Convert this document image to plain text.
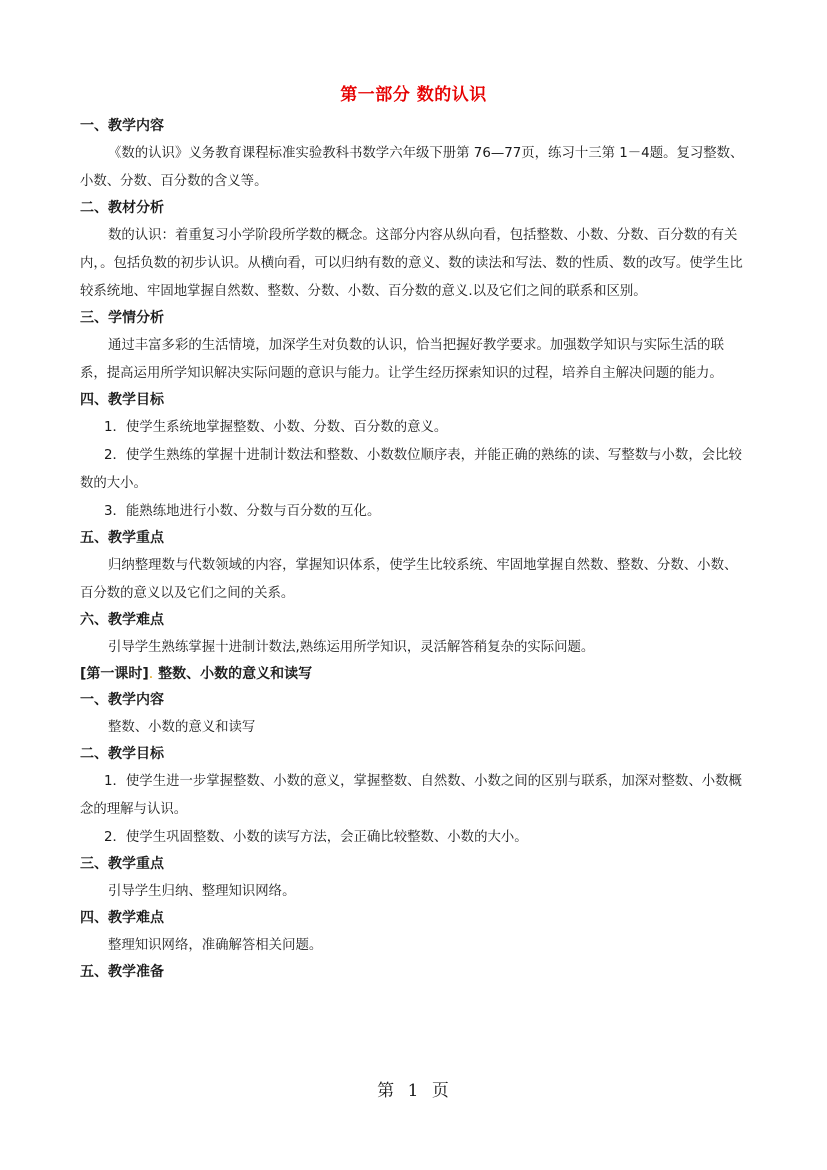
第一部分 数的认识
一、教学内容

《数的认识》义务教育课程标准实验教科书数学六年级下册第 76—77页，练习十三第 1－4题。复习整数、小数、分数、百分数的含义等。

二、教材分析

数的认识：着重复习小学阶段所学数的概念。这部分内容从纵向看，包括整数、小数、分数、百分数的有关内，。包括负数的初步认识。从横向看，可以归纳有数的意义、数的读法和写法、数的性质、数的改写。使学生比较系统地、牢固地掌握自然数、整数、分数、小数、百分数的意义.以及它们之间的联系和区别。

三、学情分析

通过丰富多彩的生活情境，加深学生对负数的认识，恰当把握好教学要求。加强数学知识与实际生活的联系，提高运用所学知识解决实际问题的意识与能力。让学生经历探索知识的过程，培养自主解决问题的能力。

四、教学目标

1．使学生系统地掌握整数、小数、分数、百分数的意义。

2．使学生熟练的掌握十进制计数法和整数、小数数位顺序表，并能正确的熟练的读、写整数与小数，会比较数的大小。

3．能熟练地进行小数、分数与百分数的互化。

五、教学重点

归纳整理数与代数领域的内容，掌握知识体系，使学生比较系统、牢固地掌握自然数、整数、分数、小数、百分数的意义以及它们之间的关系。

六、教学难点

引导学生熟练掌握十进制计数法,熟练运用所学知识，灵活解答稍复杂的实际问题。

[第一课时]. 整数、小数的意义和读写
一、教学内容

整数、小数的意义和读写

二、教学目标

1．使学生进一步掌握整数、小数的意义，掌握整数、自然数、小数之间的区别与联系，加深对整数、小数概念的理解与认识。

2．使学生巩固整数、小数的读写方法，会正确比较整数、小数的大小。

三、教学重点

引导学生归纳、整理知识网络。

四、教学难点

整理知识网络，准确解答相关问题。

五、教学准备
第 1 页
